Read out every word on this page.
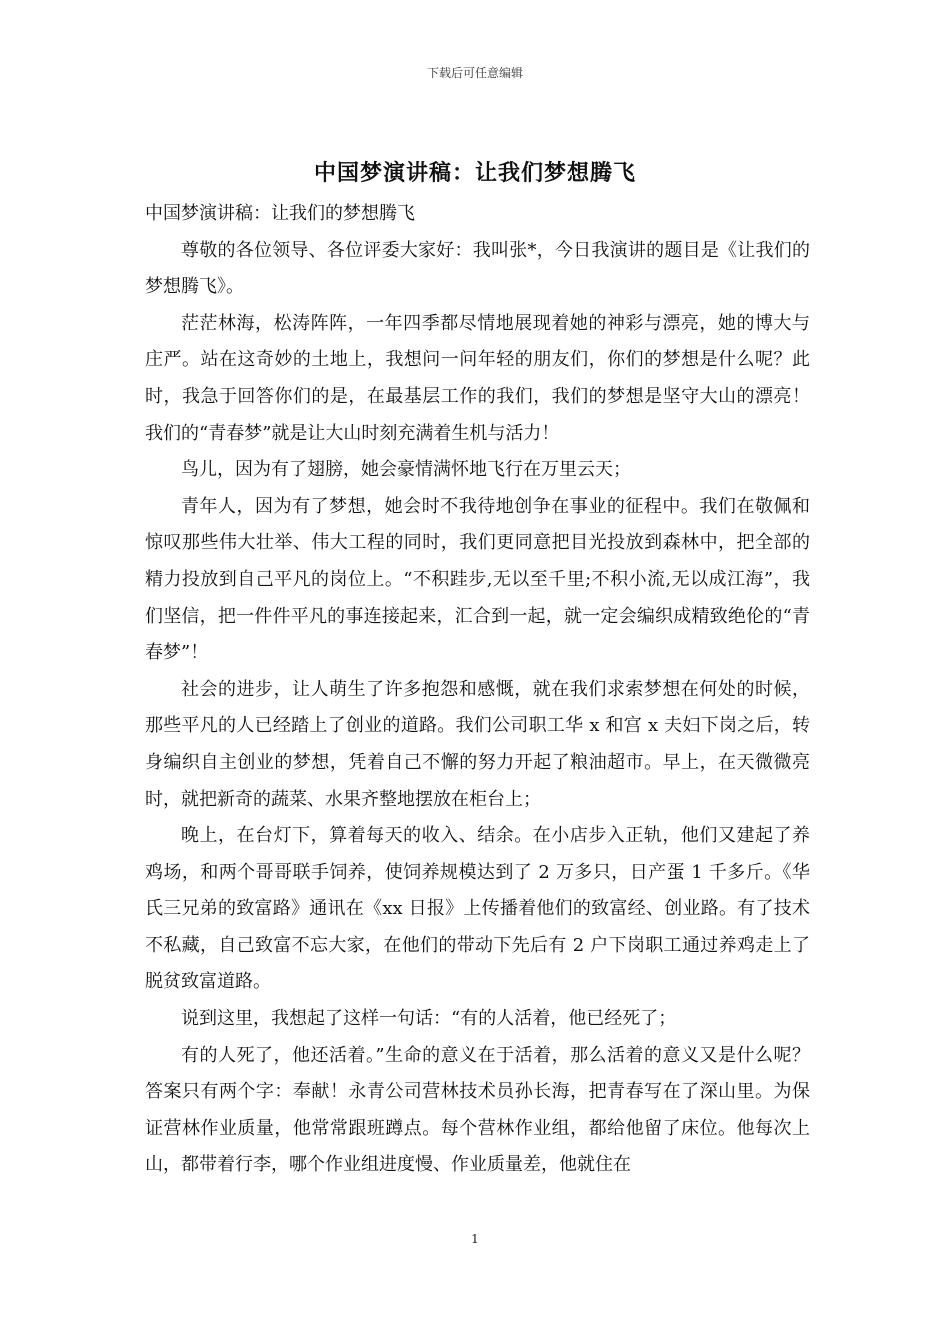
下载后可任意编辑
中国梦演讲稿：让我们梦想腾飞

中国梦演讲稿：让我们的梦想腾飞

尊敬的各位领导、各位评委大家好：我叫张*，今日我演讲的题目是《让我们的梦想腾飞》。

茫茫林海，松涛阵阵，一年四季都尽情地展现着她的神彩与漂亮，她的博大与庄严。站在这奇妙的土地上，我想问一问年轻的朋友们，你们的梦想是什么呢？此时，我急于回答你们的是，在最基层工作的我们，我们的梦想是坚守大山的漂亮！我们的“青春梦”就是让大山时刻充满着生机与活力！

鸟儿，因为有了翅膀，她会豪情满怀地飞行在万里云天；

青年人，因为有了梦想，她会时不我待地创争在事业的征程中。我们在敬佩和惊叹那些伟大壮举、伟大工程的同时，我们更同意把目光投放到森林中，把全部的精力投放到自己平凡的岗位上。“不积跬步,无以至千里;不积小流,无以成江海”，我们坚信，把一件件平凡的事连接起来，汇合到一起，就一定会编织成精致绝伦的“青春梦”！

社会的进步，让人萌生了许多抱怨和感慨，就在我们求索梦想在何处的时候，那些平凡的人已经踏上了创业的道路。我们公司职工华 x 和宫 x 夫妇下岗之后，转身编织自主创业的梦想，凭着自己不懈的努力开起了粮油超市。早上，在天微微亮时，就把新奇的蔬菜、水果齐整地摆放在柜台上；

晚上，在台灯下，算着每天的收入、结余。在小店步入正轨，他们又建起了养鸡场，和两个哥哥联手饲养，使饲养规模达到了 2 万多只，日产蛋 1 千多斤。《华氏三兄弟的致富路》通讯在《xx 日报》上传播着他们的致富经、创业路。有了技术不私藏，自己致富不忘大家，在他们的带动下先后有 2 户下岗职工通过养鸡走上了脱贫致富道路。

说到这里，我想起了这样一句话：“有的人活着，他已经死了；

有的人死了，他还活着。”生命的意义在于活着，那么活着的意义又是什么呢？答案只有两个字：奉献！永青公司营林技术员孙长海，把青春写在了深山里。为保证营林作业质量，他常常跟班蹲点。每个营林作业组，都给他留了床位。他每次上山，都带着行李，哪个作业组进度慢、作业质量差，他就住在

1
